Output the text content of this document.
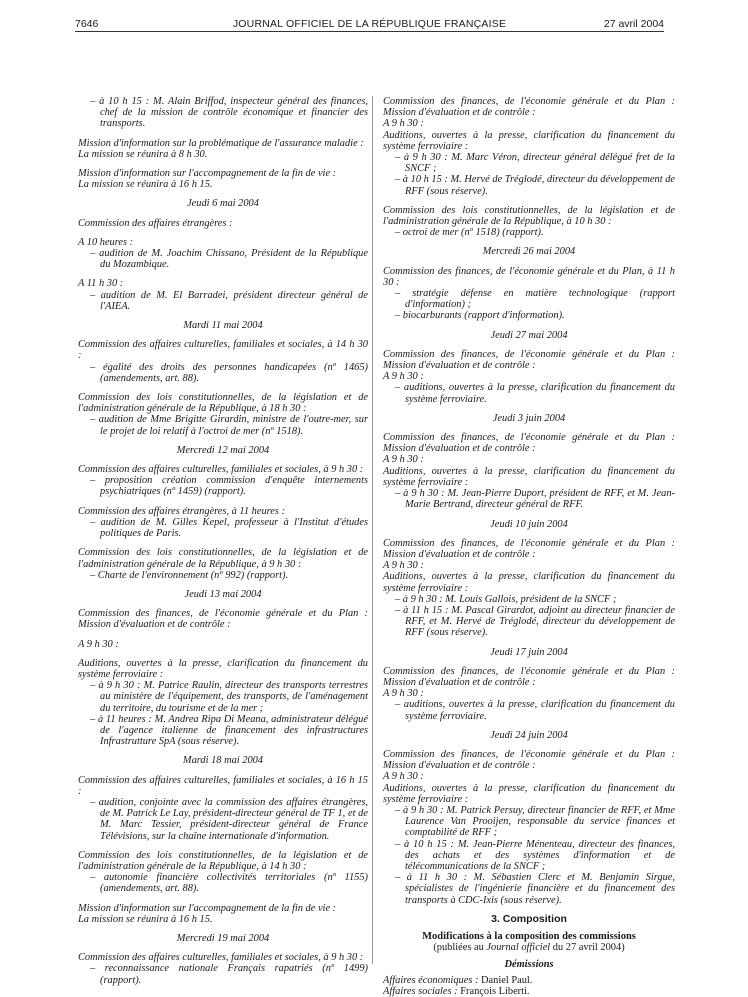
7646	JOURNAL OFFICIEL DE LA RÉPUBLIQUE FRANÇAISE	27 avril 2004

– à 10 h 15 : M. Alain Briffod, inspecteur général des finances, chef de la mission de contrôle économique et financier des transports.

Mission d'information sur la problématique de l'assurance maladie :

La mission se réunira à 8 h 30.

Mission d'information sur l'accompagnement de la fin de vie :

La mission se réunira à 16 h 15.

Jeudi 6 mai 2004

Commission des affaires étrangères :

A 10 heures :

– audition de M. Joachim Chissano, Président de la République du Mozambique.

A 11 h 30 :

– audition de M. El Barradei, président directeur général de l'AIEA.

Mardi 11 mai 2004

Commission des affaires culturelles, familiales et sociales, à 14 h 30 :

– égalité des droits des personnes handicapées (nº 1465) (amendements, art. 88).

Commission des lois constitutionnelles, de la législation et de l'administration générale de la République, à 18 h 30 :

– audition de Mme Brigitte Girardin, ministre de l'outre-mer, sur le projet de loi relatif à l'octroi de mer (nº 1518).

Mercredi 12 mai 2004

Commission des affaires culturelles, familiales et sociales, à 9 h 30 :

– proposition création commission d'enquête internements psychiatriques (nº 1459) (rapport).

Commission des affaires étrangères, à 11 heures :

– audition de M. Gilles Kepel, professeur à l'Institut d'études politiques de Paris.

Commission des lois constitutionnelles, de la législation et de l'administration générale de la République, à 9 h 30 :

– Charte de l'environnement (nº 992) (rapport).

Jeudi 13 mai 2004

Commission des finances, de l'économie générale et du Plan : Mission d'évaluation et de contrôle :

A 9 h 30 :

Auditions, ouvertes à la presse, clarification du financement du système ferroviaire :

– à 9 h 30 : M. Patrice Raulin, directeur des transports terrestres au ministère de l'équipement, des transports, de l'aménagement du territoire, du tourisme et de la mer ;

– à 11 heures : M. Andrea Ripa Di Meana, administrateur délégué de l'agence italienne de financement des infrastructures Infrastrutture SpA (sous réserve).

Mardi 18 mai 2004

Commission des affaires culturelles, familiales et sociales, à 16 h 15 :

– audition, conjointe avec la commission des affaires étrangères, de M. Patrick Le Lay, président-directeur général de TF 1, et de M. Marc Tessier, président-directeur général de France Télévisions, sur la chaîne internationale d'information.

Commission des lois constitutionnelles, de la législation et de l'administration générale de la République, à 14 h 30 :

– autonomie financière collectivités territoriales (nº 1155) (amendements, art. 88).

Mission d'information sur l'accompagnement de la fin de vie :

La mission se réunira à 16 h 15.

Mercredi 19 mai 2004

Commission des affaires culturelles, familiales et sociales, à 9 h 30 :

– reconnaissance nationale Français rapatriés (nº 1499) (rapport).

Commission des finances, de l'économie générale et du Plan : Mission d'évaluation et de contrôle :

A 9 h 30 :

Auditions, ouvertes à la presse, clarification du financement du système ferroviaire :

– à 9 h 30 : M. Marc Véron, directeur général délégué fret de la SNCF ;

– à 10 h 15 : M. Hervé de Tréglodé, directeur du développement de RFF (sous réserve).

Commission des lois constitutionnelles, de la législation et de l'administration générale de la République, à 10 h 30 :

– octroi de mer (nº 1518) (rapport).

Mercredi 26 mai 2004

Commission des finances, de l'économie générale et du Plan, à 11 h 30 :

– stratégie défense en matière technologique (rapport d'information) ;

– biocarburants (rapport d'information).

Jeudi 27 mai 2004

Commission des finances, de l'économie générale et du Plan : Mission d'évaluation et de contrôle :

A 9 h 30 :

– auditions, ouvertes à la presse, clarification du financement du système ferroviaire.

Jeudi 3 juin 2004

Commission des finances, de l'économie générale et du Plan : Mission d'évaluation et de contrôle :

A 9 h 30 :

Auditions, ouvertes à la presse, clarification du financement du système ferroviaire :

– à 9 h 30 : M. Jean-Pierre Duport, président de RFF, et M. Jean-Marie Bertrand, directeur général de RFF.

Jeudi 10 juin 2004

Commission des finances, de l'économie générale et du Plan : Mission d'évaluation et de contrôle :

A 9 h 30 :

Auditions, ouvertes à la presse, clarification du financement du système ferroviaire :

– à 9 h 30 : M. Louis Gallois, président de la SNCF ;

– à 11 h 15 : M. Pascal Girardot, adjoint au directeur financier de RFF, et M. Hervé de Tréglodé, directeur du développement de RFF (sous réserve).

Jeudi 17 juin 2004

Commission des finances, de l'économie générale et du Plan : Mission d'évaluation et de contrôle :

A 9 h 30 :

– auditions, ouvertes à la presse, clarification du financement du système ferroviaire.

Jeudi 24 juin 2004

Commission des finances, de l'économie générale et du Plan : Mission d'évaluation et de contrôle :

A 9 h 30 :

Auditions, ouvertes à la presse, clarification du financement du système ferroviaire :

– à 9 h 30 : M. Patrick Persuy, directeur financier de RFF, et Mme Laurence Van Prooijen, responsable du service finances et comptabilité de RFF ;

– à 10 h 15 : M. Jean-Pierre Ménenteau, directeur des finances, des achats et des systèmes d'information et de télécommunications de la SNCF ;

– à 11 h 30 : M. Sébastien Clerc et M. Benjamin Sirgue, spécialistes de l'ingénierie financière et du financement des transports à CDC-Ixis (sous réserve).

3. Composition

Modifications à la composition des commissions

(publiées au Journal officiel du 27 avril 2004)

Démissions

Affaires économiques : Daniel Paul.

Affaires sociales : François Liberti.
